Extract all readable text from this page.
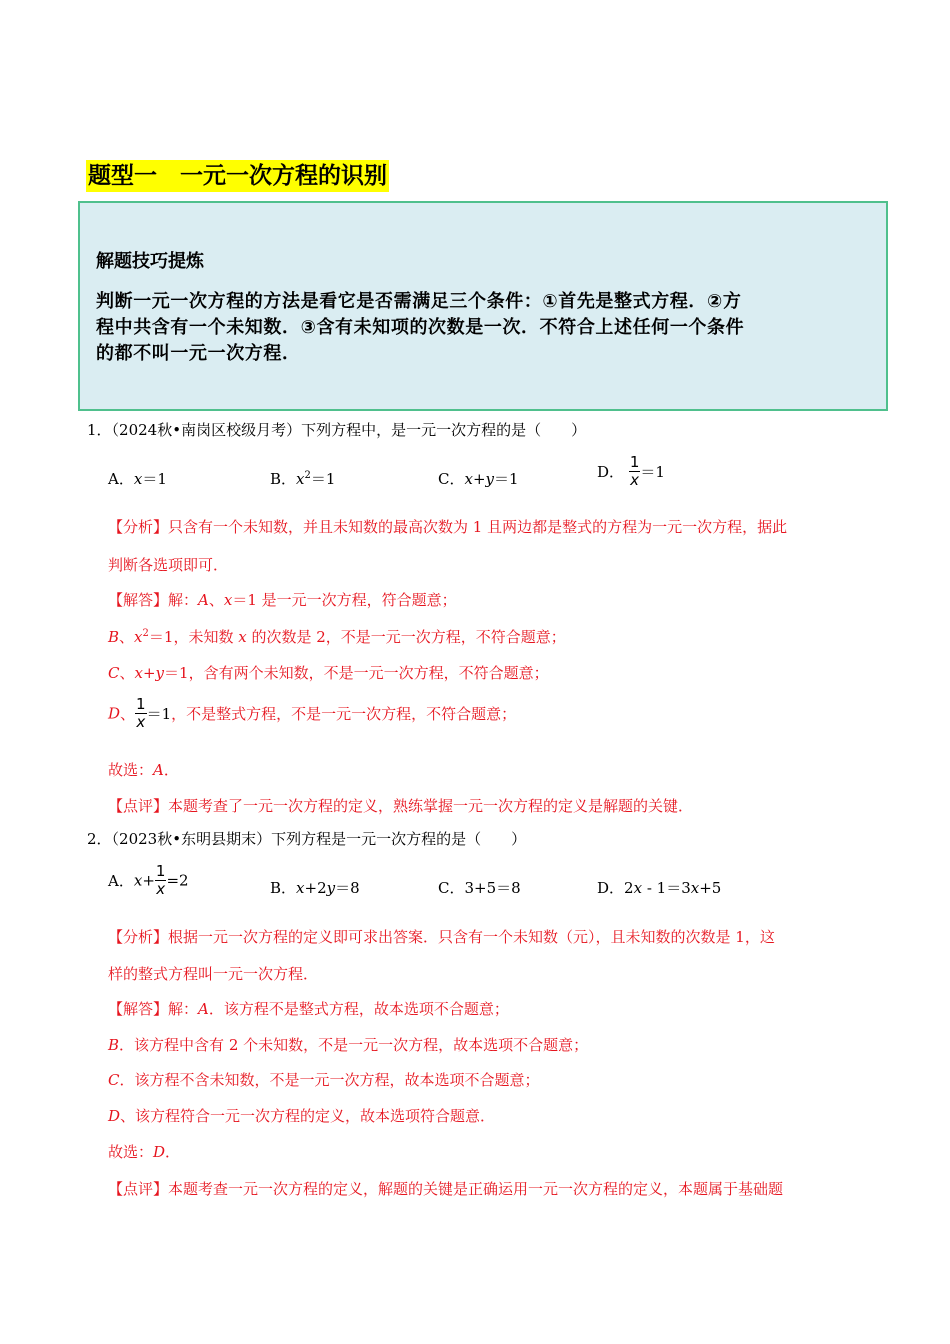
题型一　一元一次方程的识别
解题技巧提炼
判断一元一次方程的方法是看它是否需满足三个条件：①首先是整式方程．②方
程中共含有一个未知数．③含有未知项的次数是一次．不符合上述任何一个条件
的都不叫一元一次方程．
1．（2024秋•南岗区校级月考）下列方程中，是一元一次方程的是（　　）
A．x＝1	B．$x^2=1$	C．x+y＝1	D． $\frac{1}{x} =1$
【分析】只含有一个未知数，并且未知数的最高次数为 1 且两边都是整式的方程为一元一次方程，据此
判断各选项即可．
【解答】解：A、x＝1 是一元一次方程，符合题意；
B、$x^2=1$，未知数 x 的次数是 2，不是一元一次方程，不符合题意；
C、x+y＝1，含有两个未知数，不是一元一次方程，不符合题意；
D、 $\frac{1}{x} =1$，不是整式方程，不是一元一次方程，不符合题意；
故选：A．
【点评】本题考查了一元一次方程的定义，熟练掌握一元一次方程的定义是解题的关键．
2．（2023秋•东明县期末）下列方程是一元一次方程的是（　　）
A．$x+ \frac{1}{x} =2$	B．x+2y＝8	C．3+5＝8	D．2x - 1＝3x+5
【分析】根据一元一次方程的定义即可求出答案．只含有一个未知数（元），且未知数的次数是 1，这
样的整式方程叫一元一次方程．
【解答】解：A．该方程不是整式方程，故本选项不合题意；
B．该方程中含有 2 个未知数，不是一元一次方程，故本选项不合题意；
C．该方程不含未知数，不是一元一次方程，故本选项不合题意；
D、该方程符合一元一次方程的定义，故本选项符合题意．
故选：D．
【点评】本题考查一元一次方程的定义，解题的关键是正确运用一元一次方程的定义，本题属于基础题
